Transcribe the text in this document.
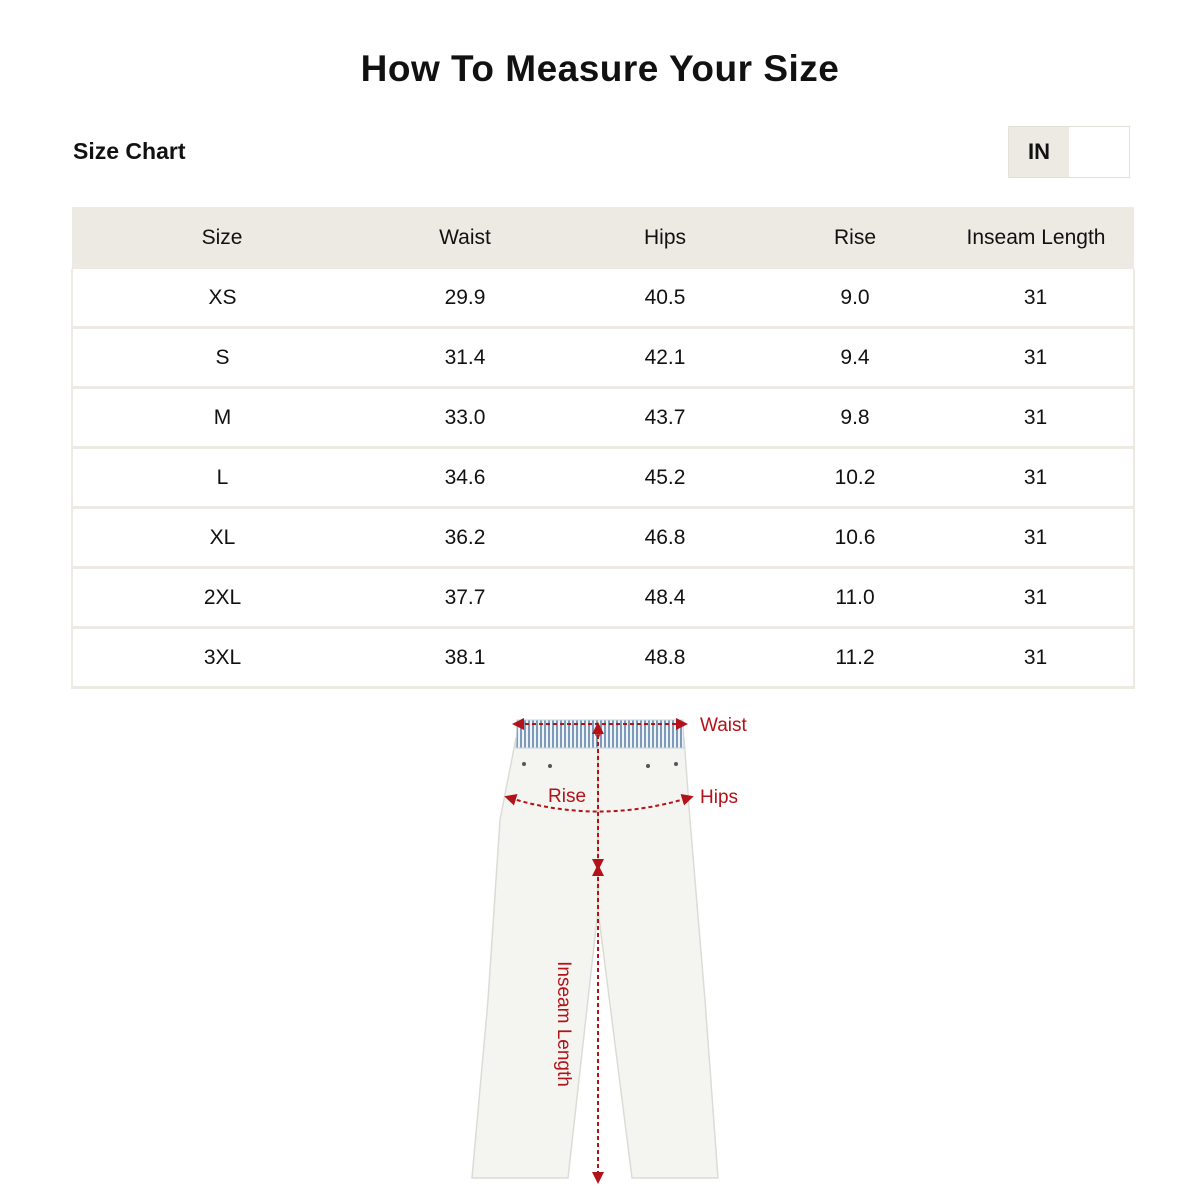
How To Measure Your Size
Size Chart	IN
Size	Waist	Hips	Rise	Inseam Length
XS	29.9	40.5	9.0	31
S	31.4	42.1	9.4	31
M	33.0	43.7	9.8	31
L	34.6	45.2	10.2	31
XL	36.2	46.8	10.6	31
2XL	37.7	48.4	11.0	31
3XL	38.1	48.8	11.2	31
Waist
Hips
Rise
Inseam Length
